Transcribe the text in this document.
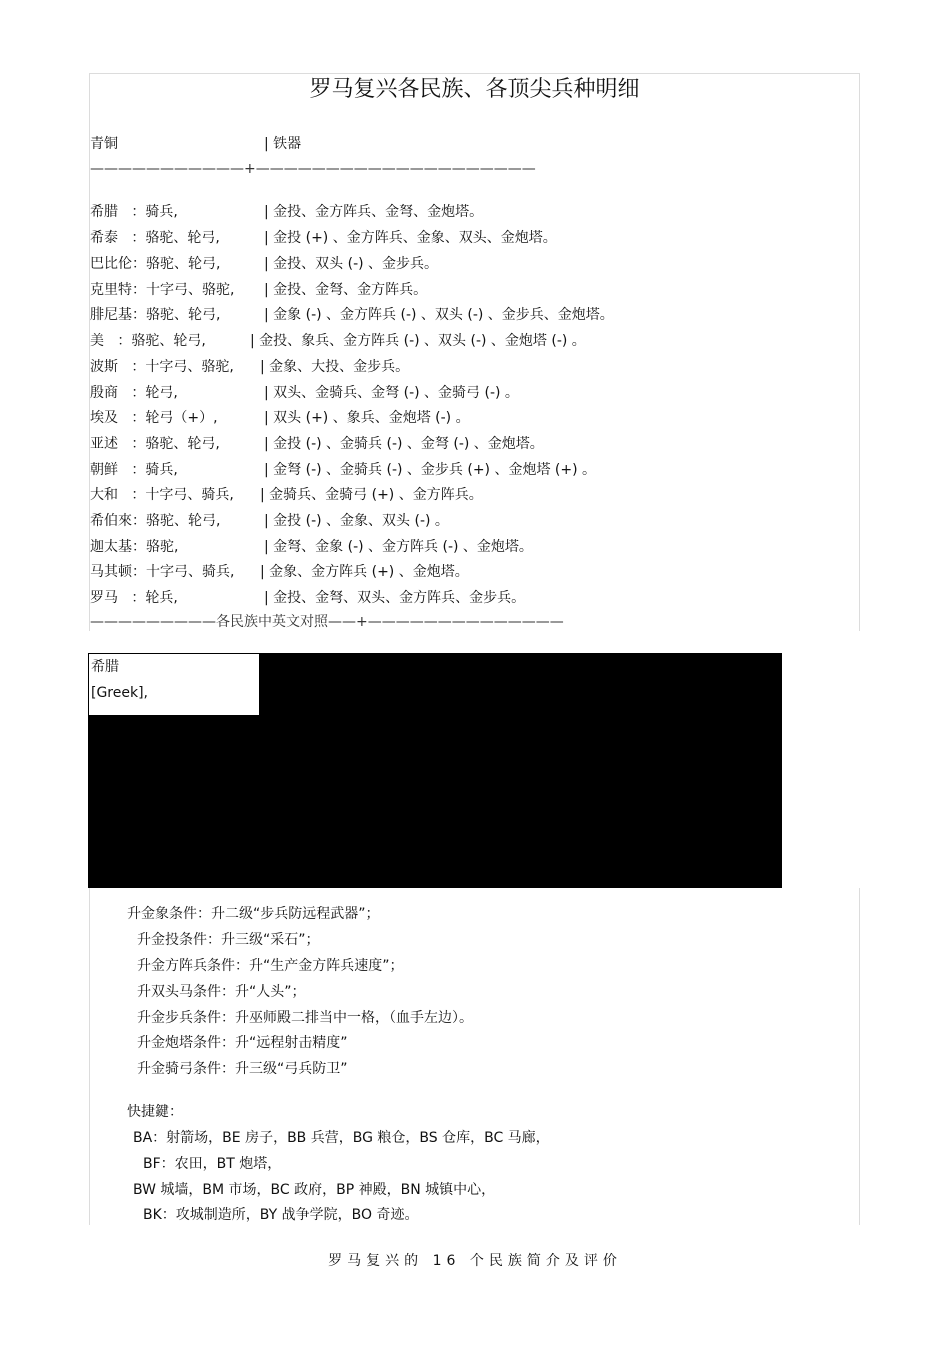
罗马复兴各民族、各顶尖兵种明细
青铜	| 铁器
———————————+————————————————————
希腊   ：骑兵,	| 金投、金方阵兵、金弩、金炮塔。
希泰   ：骆驼、轮弓,	| 金投 (+) 、金方阵兵、金象、双头、金炮塔。
巴比伦：骆驼、轮弓,	| 金投、双头 (-) 、金步兵。
克里特：十字弓、骆驼, | 金投、金弩、金方阵兵。
腓尼基：骆驼、轮弓,	| 金象 (-) 、金方阵兵 (-) 、双头 (-) 、金步兵、金炮塔。
美   ：骆驼、轮弓,	| 金投、象兵、金方阵兵 (-) 、双头 (-) 、金炮塔 (-) 。
波斯   ：十字弓、骆驼, | 金象、大投、金步兵。
殷商   ：轮弓,	| 双头、金骑兵、金弩 (-) 、金骑弓 (-) 。
埃及   ：轮弓（+）,	| 双头 (+) 、象兵、金炮塔 (-) 。
亚述   ：骆驼、轮弓,	| 金投 (-) 、金骑兵 (-) 、金弩 (-) 、金炮塔。
朝鲜   ：骑兵,	| 金弩 (-) 、金骑兵 (-) 、金步兵 (+) 、金炮塔 (+) 。
大和   ：十字弓、骑兵, | 金骑兵、金骑弓 (+) 、金方阵兵。
希伯來：骆驼、轮弓,	| 金投 (-) 、金象、双头 (-) 。
迦太基：骆驼,	| 金弩、金象 (-) 、金方阵兵 (-) 、金炮塔。
马其顿：十字弓、骑兵, | 金象、金方阵兵 (+) 、金炮塔。
罗马   ：轮兵,	| 金投、金弩、双头、金方阵兵、金步兵。
—————————各民族中英文对照——+——————————————
希腊
[Greek],
升金象条件：升二级“步兵防远程武器”；
升金投条件：升三级“采石”；
升金方阵兵条件：升“生产金方阵兵速度”；
升双头马条件：升“人头”；
升金步兵条件：升巫师殿二排当中一格，（血手左边）。
升金炮塔条件：升“远程射击精度”
升金骑弓条件：升三级“弓兵防卫”
快捷鍵：
BA：射箭场，BE 房子，BB 兵营，BG 粮仓，BS 仓库，BC 马廊，
BF：农田，BT 炮塔，
BW 城墙，BM 市场，BC 政府，BP 神殿，BN 城镇中心，
BK：攻城制造所，BY 战争学院，BO 奇迹。
罗马复兴的 16 个民族简介及评价
